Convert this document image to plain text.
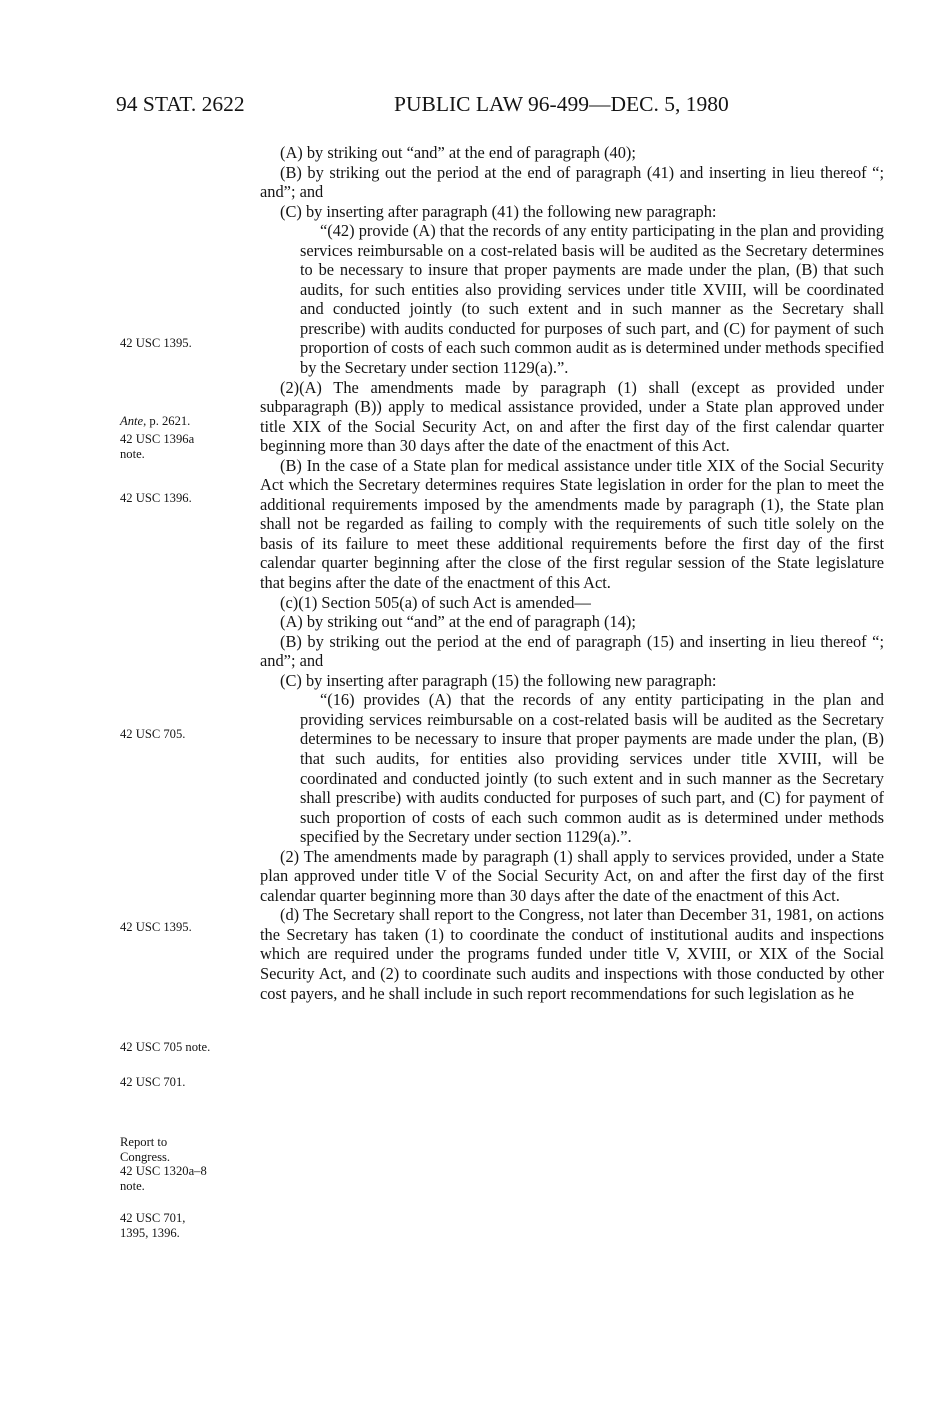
94 STAT. 2622	PUBLIC LAW 96-499—DEC. 5, 1980

(A) by striking out “and” at the end of paragraph (40);

(B) by striking out the period at the end of paragraph (41) and inserting in lieu thereof “; and”; and

(C) by inserting after paragraph (41) the following new paragraph:

“(42) provide (A) that the records of any entity participating in the plan and providing services reimbursable on a cost-related basis will be audited as the Secretary determines to be necessary to insure that proper payments are made under the plan, (B) that such audits, for such entities also providing services under title XVIII, will be coordinated and conducted jointly (to such extent and in such manner as the Secretary shall prescribe) with audits conducted for purposes of such part, and (C) for payment of such proportion of costs of each such common audit as is determined under methods specified by the Secretary under section 1129(a).”.

(2)(A) The amendments made by paragraph (1) shall (except as provided under subparagraph (B)) apply to medical assistance provided, under a State plan approved under title XIX of the Social Security Act, on and after the first day of the first calendar quarter beginning more than 30 days after the date of the enactment of this Act.

(B) In the case of a State plan for medical assistance under title XIX of the Social Security Act which the Secretary determines requires State legislation in order for the plan to meet the additional requirements imposed by the amendments made by paragraph (1), the State plan shall not be regarded as failing to comply with the requirements of such title solely on the basis of its failure to meet these additional requirements before the first day of the first calendar quarter beginning after the close of the first regular session of the State legislature that begins after the date of the enactment of this Act.

(c)(1) Section 505(a) of such Act is amended—

(A) by striking out “and” at the end of paragraph (14);

(B) by striking out the period at the end of paragraph (15) and inserting in lieu thereof “; and”; and

(C) by inserting after paragraph (15) the following new paragraph:

“(16) provides (A) that the records of any entity participating in the plan and providing services reimbursable on a cost-related basis will be audited as the Secretary determines to be necessary to insure that proper payments are made under the plan, (B) that such audits, for entities also providing services under title XVIII, will be coordinated and conducted jointly (to such extent and in such manner as the Secretary shall prescribe) with audits conducted for purposes of such part, and (C) for payment of such proportion of costs of each such common audit as is determined under methods specified by the Secretary under section 1129(a).”.

(2) The amendments made by paragraph (1) shall apply to services provided, under a State plan approved under title V of the Social Security Act, on and after the first day of the first calendar quarter beginning more than 30 days after the date of the enactment of this Act.

(d) The Secretary shall report to the Congress, not later than December 31, 1981, on actions the Secretary has taken (1) to coordinate the conduct of institutional audits and inspections which are required under the programs funded under title V, XVIII, or XIX of the Social Security Act, and (2) to coordinate such audits and inspections with those conducted by other cost payers, and he shall include in such report recommendations for such legislation as he

42 USC 1395.
Ante, p. 2621.
42 USC 1396a
note.
42 USC 1396.
42 USC 705.
42 USC 1395.
42 USC 705 note.
42 USC 701.
Report to
Congress.
42 USC 1320a–8
note.
42 USC 701,
1395, 1396.
